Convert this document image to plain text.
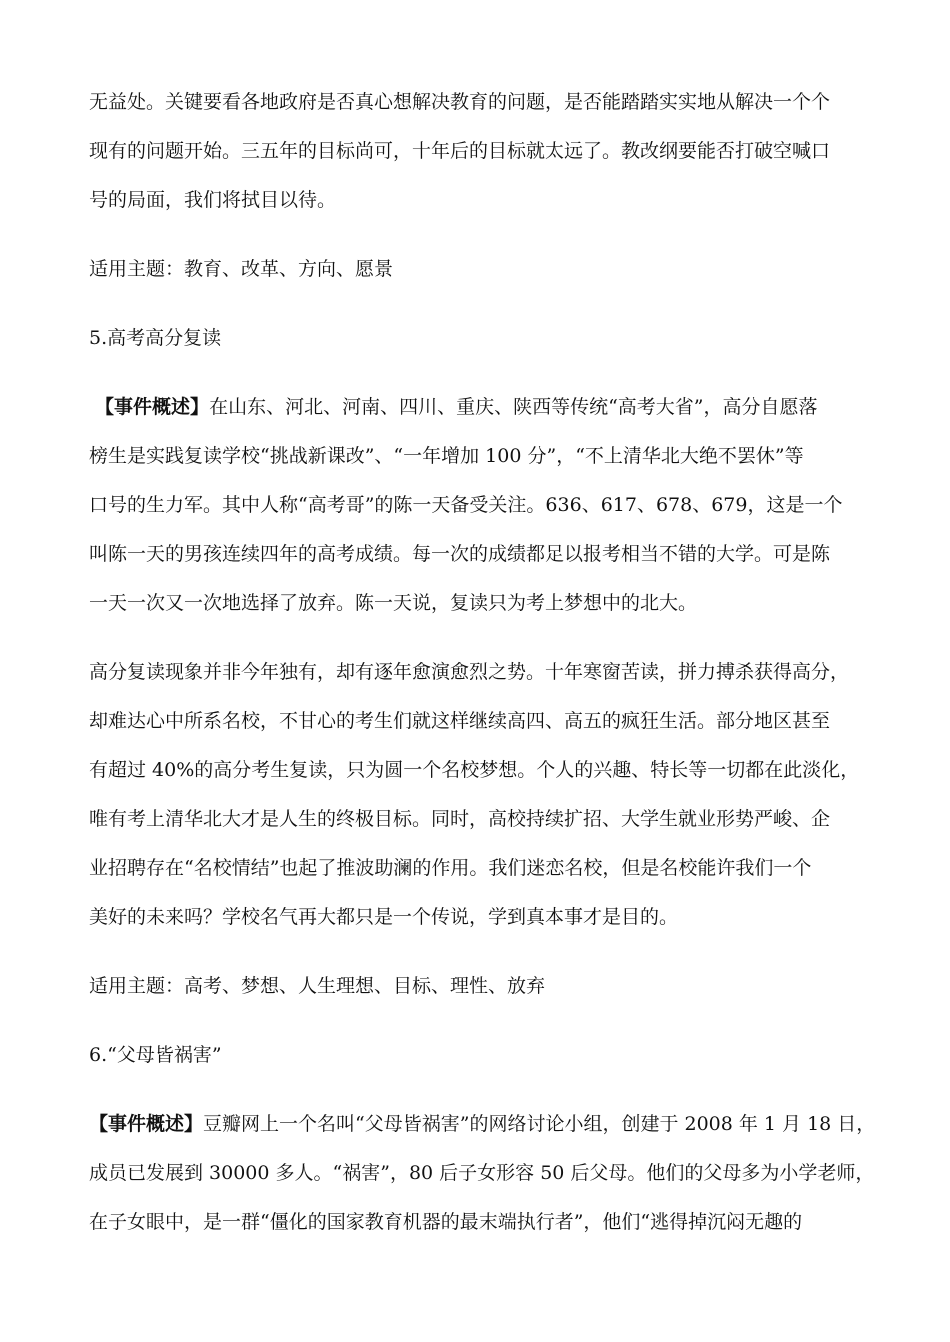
无益处。关键要看各地政府是否真心想解决教育的问题，是否能踏踏实实地从解决一个个
现有的问题开始。三五年的目标尚可，十年后的目标就太远了。教改纲要能否打破空喊口
号的局面，我们将拭目以待。
适用主题：教育、改革、方向、愿景
5.高考高分复读
【事件概述】在山东、河北、河南、四川、重庆、陕西等传统“高考大省”，高分自愿落
榜生是实践复读学校“挑战新课改”、“一年增加 100 分”，“不上清华北大绝不罢休”等
口号的生力军。其中人称“高考哥”的陈一天备受关注。636、617、678、679，这是一个
叫陈一天的男孩连续四年的高考成绩。每一次的成绩都足以报考相当不错的大学。可是陈
一天一次又一次地选择了放弃。陈一天说，复读只为考上梦想中的北大。
高分复读现象并非今年独有，却有逐年愈演愈烈之势。十年寒窗苦读，拼力搏杀获得高分，
却难达心中所系名校，不甘心的考生们就这样继续高四、高五的疯狂生活。部分地区甚至
有超过 40%的高分考生复读，只为圆一个名校梦想。个人的兴趣、特长等一切都在此淡化，
唯有考上清华北大才是人生的终极目标。同时，高校持续扩招、大学生就业形势严峻、企
业招聘存在“名校情结”也起了推波助澜的作用。我们迷恋名校，但是名校能许我们一个
美好的未来吗？学校名气再大都只是一个传说，学到真本事才是目的。
适用主题：高考、梦想、人生理想、目标、理性、放弃
6.“父母皆祸害”
【事件概述】豆瓣网上一个名叫“父母皆祸害”的网络讨论小组，创建于 2008 年 1 月 18 日，
成员已发展到 30000 多人。“祸害”，80 后子女形容 50 后父母。他们的父母多为小学老师，
在子女眼中，是一群“僵化的国家教育机器的最末端执行者”，他们“逃得掉沉闷无趣的
